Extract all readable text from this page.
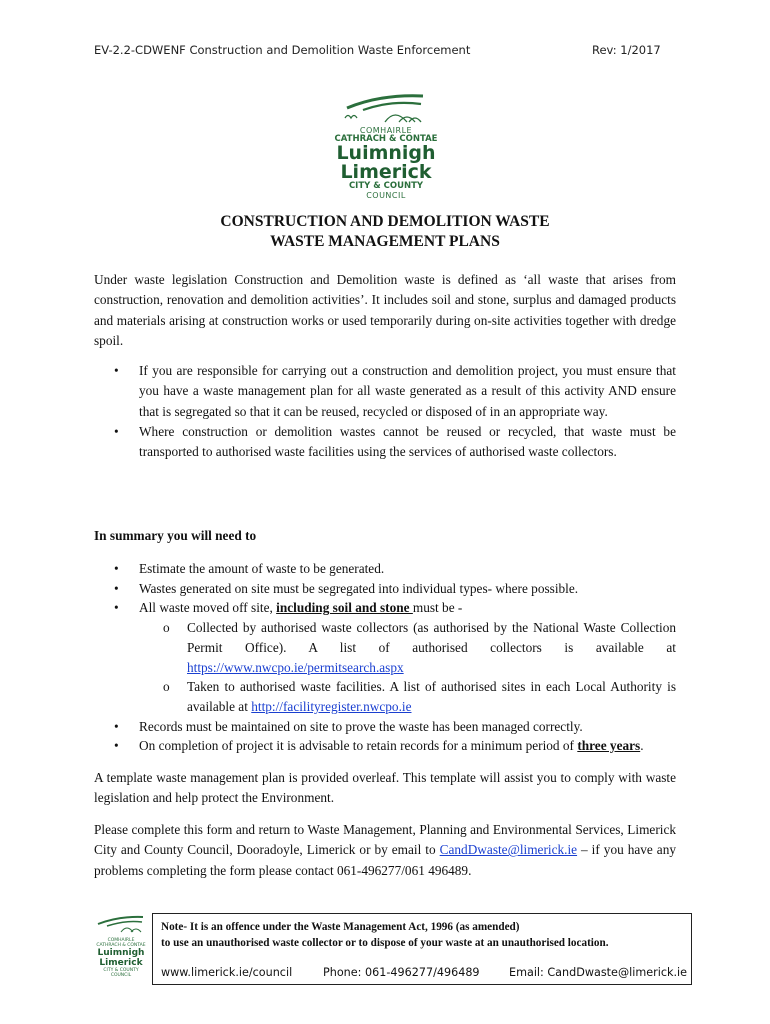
EV-2.2-CDWENF Construction and Demolition Waste Enforcement	Rev: 1/2017
COMHAIRLE
CATHRACH & CONTAE
Luimnigh
Limerick
CITY & COUNTY
COUNCIL
CONSTRUCTION AND DEMOLITION WASTE
WASTE MANAGEMENT PLANS

Under waste legislation Construction and Demolition waste is defined as ‘all waste that arises from construction, renovation and demolition activities’. It includes soil and stone, surplus and damaged products and materials arising at construction works or used temporarily during on-site activities together with dredge spoil.

• If you are responsible for carrying out a construction and demolition project, you must ensure that you have a waste management plan for all waste generated as a result of this activity AND ensure that is segregated so that it can be reused, recycled or disposed of in an appropriate way.
• Where construction or demolition wastes cannot be reused or recycled, that waste must be transported to authorised waste facilities using the services of authorised waste collectors.
In summary you will need to
• Estimate the amount of waste to be generated.
• Wastes generated on site must be segregated into individual types- where possible.
• All waste moved off site, including soil and stone must be -
o Collected by authorised waste collectors (as authorised by the National Waste Collection Permit Office). A list of authorised collectors is available at https://www.nwcpo.ie/permitsearch.aspx
o Taken to authorised waste facilities. A list of authorised sites in each Local Authority is available at http://facilityregister.nwcpo.ie
• Records must be maintained on site to prove the waste has been managed correctly.
• On completion of project it is advisable to retain records for a minimum period of three years.

A template waste management plan is provided overleaf. This template will assist you to comply with waste legislation and help protect the Environment.

Please complete this form and return to Waste Management, Planning and Environmental Services, Limerick City and County Council, Dooradoyle, Limerick or by email to CandDwaste@limerick.ie – if you have any problems completing the form please contact 061-496277/061 496489.

COMHAIRLE
CATHRACH & CONTAE
Luimnigh
Limerick
CITY & COUNTY
COUNCIL
Note- It is an offence under the Waste Management Act, 1996 (as amended)
to use an unauthorised waste collector or to dispose of your waste at an unauthorised location.
www.limerick.ie/council	Phone: 061-496277/496489	Email: CandDwaste@limerick.ie
